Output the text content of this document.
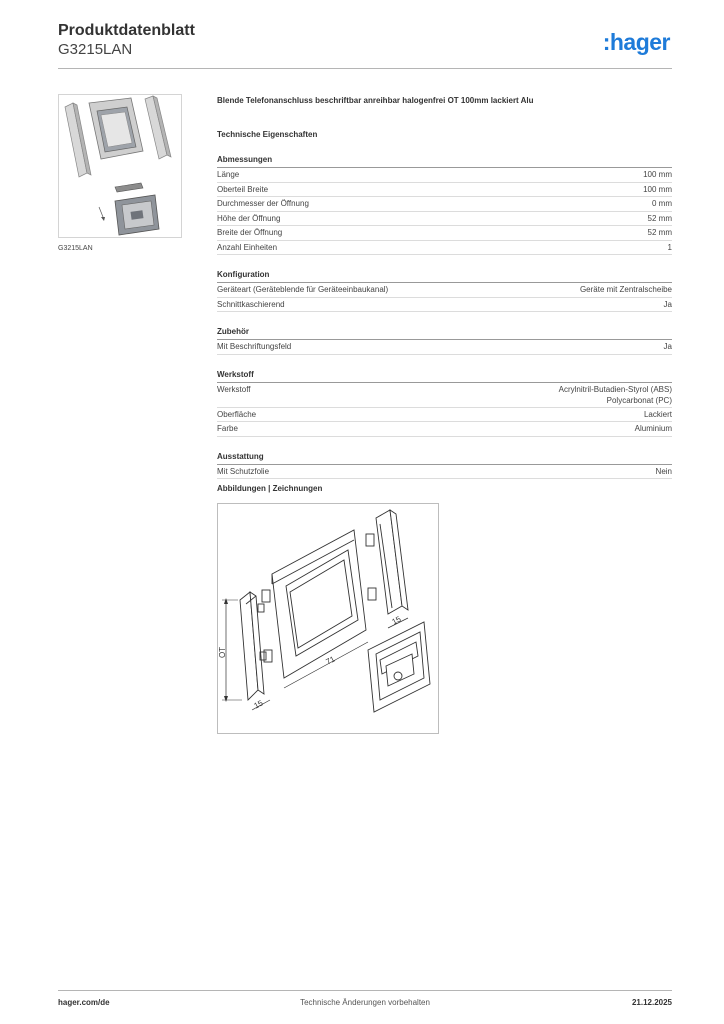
Produktdatenblatt
G3215LAN	:hager
G3215LAN
Blende Telefonanschluss beschriftbar anreihbar halogenfrei OT 100mm lackiert Alu
Technische Eigenschaften
Abmessungen
Länge	100 mm
Oberteil Breite	100 mm
Durchmesser der Öffnung	0 mm
Höhe der Öffnung	52 mm
Breite der Öffnung	52 mm
Anzahl Einheiten	1
Konfiguration
Geräteart (Geräteblende für Geräteeinbaukanal)	Geräte mit Zentralscheibe
Schnittkaschierend	Ja
Zubehör
Mit Beschriftungsfeld	Ja
Werkstoff
Werkstoff	Acrylnitril-Butadien-Styrol (ABS)
Polycarbonat (PC)
Oberfläche	Lackiert
Farbe	Aluminium
Ausstattung
Mit Schutzfolie	Nein
Abbildungen | Zeichnungen
OT
71
15
15
hager.com/de	Technische Änderungen vorbehalten	21.12.2025
